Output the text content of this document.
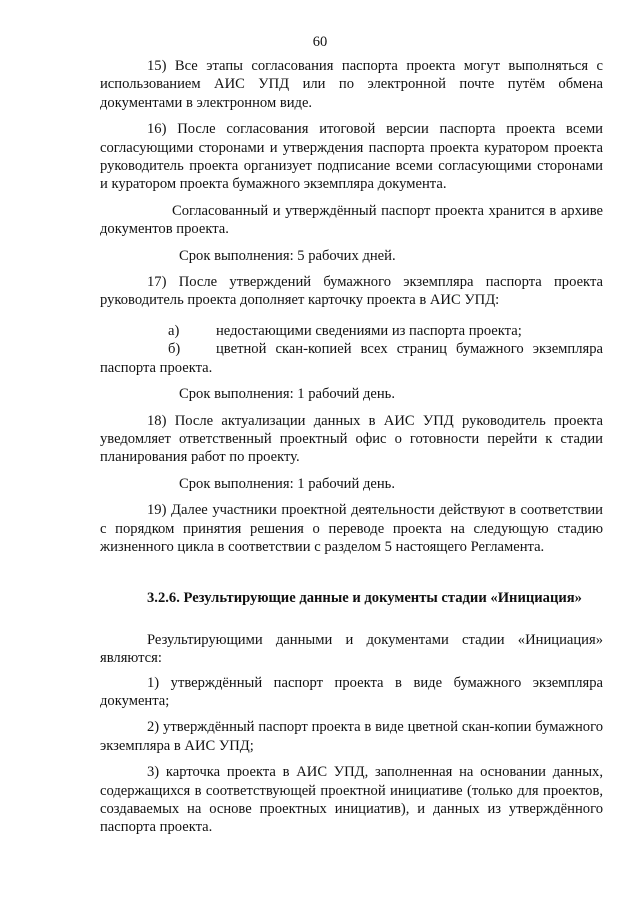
60

15) Все этапы согласования паспорта проекта могут выполняться с использованием АИС УПД или по электронной почте путём обмена документами в электронном виде.

16) После согласования итоговой версии паспорта проекта всеми согласующими сторонами и утверждения паспорта проекта куратором проекта руководитель проекта организует подписание всеми согласующими сторонами и куратором проекта бумажного экземпляра документа.

Согласованный и утверждённый паспорт проекта хранится в архиве документов проекта.

Срок выполнения: 5 рабочих дней.

17) После утверждений бумажного экземпляра паспорта проекта руководитель проекта дополняет карточку проекта в АИС УПД:

а)	недостающими сведениями из паспорта проекта;

б) цветной скан-копией всех страниц бумажного экземпляра паспорта проекта.

Срок выполнения: 1 рабочий день.

18) После актуализации данных в АИС УПД руководитель проекта уведомляет ответственный проектный офис о готовности перейти к стадии планирования работ по проекту.

Срок выполнения: 1 рабочий день.

19) Далее участники проектной деятельности действуют в соответствии с порядком принятия решения о переводе проекта на следующую стадию жизненного цикла в соответствии с разделом 5 настоящего Регламента.

3.2.6. Результирующие данные и документы стадии «Инициация»

Результирующими данными и документами стадии «Инициация» являются:

1) утверждённый паспорт проекта в виде бумажного экземпляра документа;

2) утверждённый паспорт проекта в виде цветной скан-копии бумажного экземпляра в АИС УПД;

3) карточка проекта в АИС УПД, заполненная на основании данных, содержащихся в соответствующей проектной инициативе (только для проектов, создаваемых на основе проектных инициатив), и данных из утверждённого паспорта проекта.
